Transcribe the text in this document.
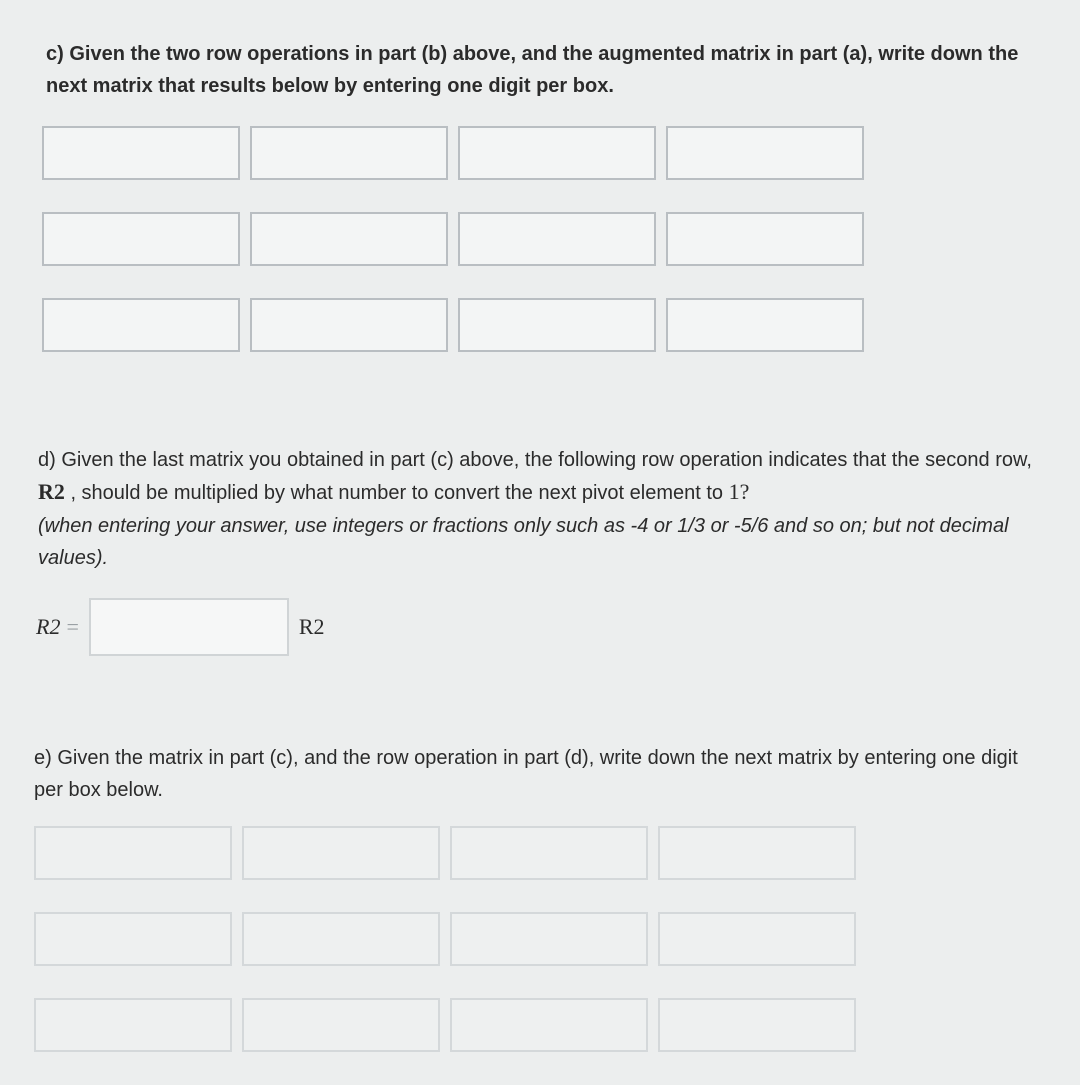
c) Given the two row operations in part (b) above, and the augmented matrix in part (a), write down the next matrix that results below by entering one digit per box.

d) Given the last matrix you obtained in part (c) above, the following row operation indicates that the second row, R2 , should be multiplied by what number to convert the next pivot element to 1?

(when entering your answer, use integers or fractions only such as -4 or 1/3 or -5/6 and so on; but not decimal values).

R2 =	R2

e) Given the matrix in part (c), and the row operation in part (d), write down the next matrix by entering one digit per box below.
